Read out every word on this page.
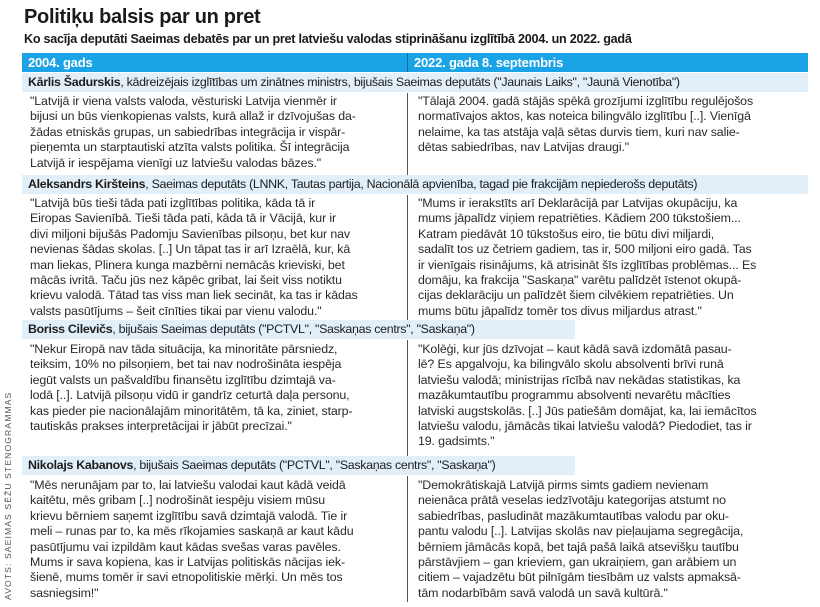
Politiķu balsis par un pret
Ko sacīja deputāti Saeimas debatēs par un pret latviešu valodas stiprināšanu izglītībā 2004. un 2022. gadā
2004. gads	2022. gada 8. septembris
Kārlis Šadurskis, kādreizējais izglītības um zinātnes ministrs, bijušais Saeimas deputāts ("Jaunais Laiks", "Jaunā Vienotība")
"Latvijā ir viena valsts valoda, vēsturiski Latvija vienmēr ir
bijusi un būs vienkopienas valsts, kurā allaž ir dzīvojušas da-
žādas etniskās grupas, un sabiedrības integrācija ir vispār-
pieņemta un starptautiski atzīta valsts politika. Šī integrācija
Latvijā ir iespējama vienīgi uz latviešu valodas bāzes."
"Tālajā 2004. gadā stājās spēkā grozījumi izglītību regulējošos
normatīvajos aktos, kas noteica bilingvālo izglītību [..]. Vienīgā
nelaime, ka tas atstāja vaļā sētas durvis tiem, kuri nav salie-
dētas sabiedrības, nav Latvijas draugi."
Aleksandrs Kiršteins, Saeimas deputāts (LNNK, Tautas partija, Nacionālā apvienība, tagad pie frakcijām nepiederošs deputāts)
"Latvijā būs tieši tāda pati izglītības politika, kāda tā ir
Eiropas Savienībā. Tieši tāda pati, kāda tā ir Vācijā, kur ir
divi miljoni bijušās Padomju Savienības pilsoņu, bet kur nav
nevienas šādas skolas. [..] Un tāpat tas ir arī Izraēlā, kur, kā
man liekas, Plinera kunga mazbērni nemācās krieviski, bet
mācās ivritā. Taču jūs nez kāpēc gribat, lai šeit viss notiktu
krievu valodā. Tātad tas viss man liek secināt, ka tas ir kādas
valsts pasūtījums – šeit cīnīties tikai par vienu valodu."
"Mums ir ierakstīts arī Deklarācijā par Latvijas okupāciju, ka
mums jāpalīdz viņiem repatriēties. Kādiem 200 tūkstošiem...
Katram piedāvāt 10 tūkstošus eiro, tie būtu divi miljardi,
sadalīt tos uz četriem gadiem, tas ir, 500 miljoni eiro gadā. Tas
ir vienīgais risinājums, kā atrisināt šīs izglītības problēmas... Es
domāju, ka frakcija "Saskaņa" varētu palīdzēt īstenot okupā-
cijas deklarāciju un palīdzēt šiem cilvēkiem repatriēties. Un
mums būtu jāpalīdz tomēr tos divus miljardus atrast."
Boriss Cilevičs, bijušais Saeimas deputāts ("PCTVL", "Saskaņas centrs", "Saskaņa")
"Nekur Eiropā nav tāda situācija, ka minoritāte pārsniedz,
teiksim, 10% no pilsoņiem, bet tai nav nodrošināta iespēja
iegūt valsts un pašvaldību finansētu izglītību dzimtajā va-
lodā [..]. Latvijā pilsoņu vidū ir gandrīz ceturtā daļa personu,
kas pieder pie nacionālajām minoritātēm, tā ka, ziniet, starp-
tautiskās prakses interpretācijai ir jābūt precīzai."
"Kolēģi, kur jūs dzīvojat – kaut kādā savā izdomātā pasau-
lē? Es apgalvoju, ka bilingvālo skolu absolventi brīvi runā
latviešu valodā; ministrijas rīcībā nav nekādas statistikas, ka
mazākumtautību programmu absolventi nevarētu mācīties
latviski augstskolās. [..] Jūs patiešām domājat, ka, lai iemācītos
latviešu valodu, jāmācās tikai latviešu valodā? Piedodiet, tas ir
19. gadsimts."
Nikolajs Kabanovs, bijušais Saeimas deputāts ("PCTVL", "Saskaņas centrs", "Saskaņa")
"Mēs nerunājam par to, lai latviešu valodai kaut kādā veidā
kaitētu, mēs gribam [..] nodrošināt iespēju visiem mūsu
krievu bērniem saņemt izglītību savā dzimtajā valodā. Tie ir
meli – runas par to, ka mēs rīkojamies saskaņā ar kaut kādu
pasūtījumu vai izpildām kaut kādas svešas varas pavēles.
Mums ir sava kopiena, kas ir Latvijas politiskās nācijas iek-
šienē, mums tomēr ir savi etnopolitiskie mērķi. Un mēs tos
sasniegsim!"
"Demokrātiskajā Latvijā pirms simts gadiem nevienam
neienāca prātā veselas iedzīvotāju kategorijas atstumt no
sabiedrības, pasludināt mazākumtautības valodu par oku-
pantu valodu [..]. Latvijas skolās nav pieļaujama segregācija,
bērniem jāmācās kopā, bet tajā pašā laikā atsevišķu tautību
pārstāvjiem – gan krieviem, gan ukraiņiem, gan arābiem un
citiem – vajadzētu būt pilnīgām tiesībām uz valsts apmaksā-
tām nodarbībām savā valodā un savā kultūrā."
AVOTS: SAEIMAS SĒŽU STENOGRAMMAS
